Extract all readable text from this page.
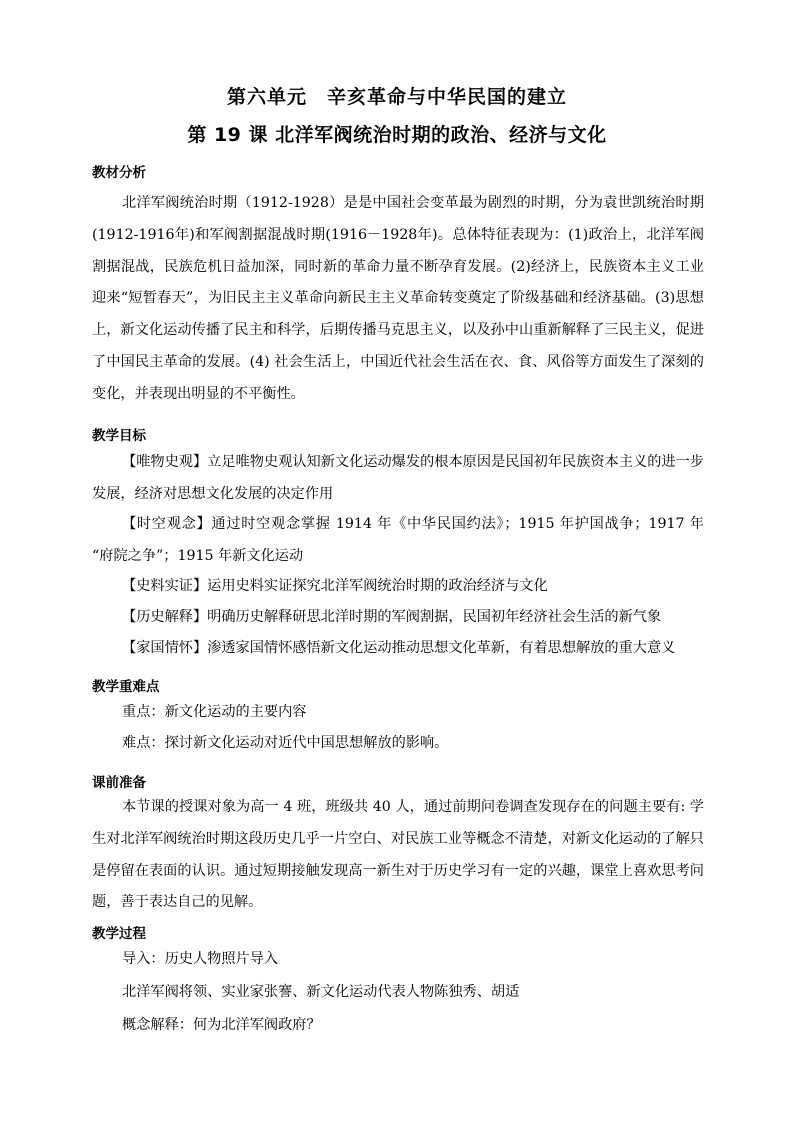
第六单元　辛亥革命与中华民国的建立
第 19 课 北洋军阀统治时期的政治、经济与文化
教材分析
北洋军阀统治时期（1912-1928）是是中国社会变革最为剧烈的时期，分为袁世凯统治时期(1912-1916年)和军阀割据混战时期(1916－1928年)。总体特征表现为：(1)政治上，北洋军阀割据混战，民族危机日益加深，同时新的革命力量不断孕育发展。(2)经济上，民族资本主义工业迎来“短暂春天”，为旧民主主义革命向新民主主义革命转变奠定了阶级基础和经济基础。(3)思想上，新文化运动传播了民主和科学，后期传播马克思主义，以及孙中山重新解释了三民主义，促进了中国民主革命的发展。(4) 社会生活上，中国近代社会生活在衣、食、风俗等方面发生了深刻的变化，并表现出明显的不平衡性。
教学目标
【唯物史观】立足唯物史观认知新文化运动爆发的根本原因是民国初年民族资本主义的进一步发展，经济对思想文化发展的决定作用
【时空观念】通过时空观念掌握 1914 年《中华民国约法》；1915 年护国战争；1917 年 “府院之争”；1915 年新文化运动
【史料实证】运用史料实证探究北洋军阀统治时期的政治经济与文化
【历史解释】明确历史解释研思北洋时期的军阀割据，民国初年经济社会生活的新气象
【家国情怀】渗透家国情怀感悟新文化运动推动思想文化革新，有着思想解放的重大意义
教学重难点
重点：新文化运动的主要内容
难点：探讨新文化运动对近代中国思想解放的影响。
课前准备
本节课的授课对象为高一 4 班，班级共 40 人，通过前期问卷调查发现存在的问题主要有: 学生对北洋军阀统治时期这段历史几乎一片空白、对民族工业等概念不清楚，对新文化运动的了解只是停留在表面的认识。通过短期接触发现高一新生对于历史学习有一定的兴趣，课堂上喜欢思考问题，善于表达自己的见解。
教学过程
导入：历史人物照片导入
北洋军阀将领、实业家张謇、新文化运动代表人物陈独秀、胡适
概念解释：何为北洋军阀政府？
